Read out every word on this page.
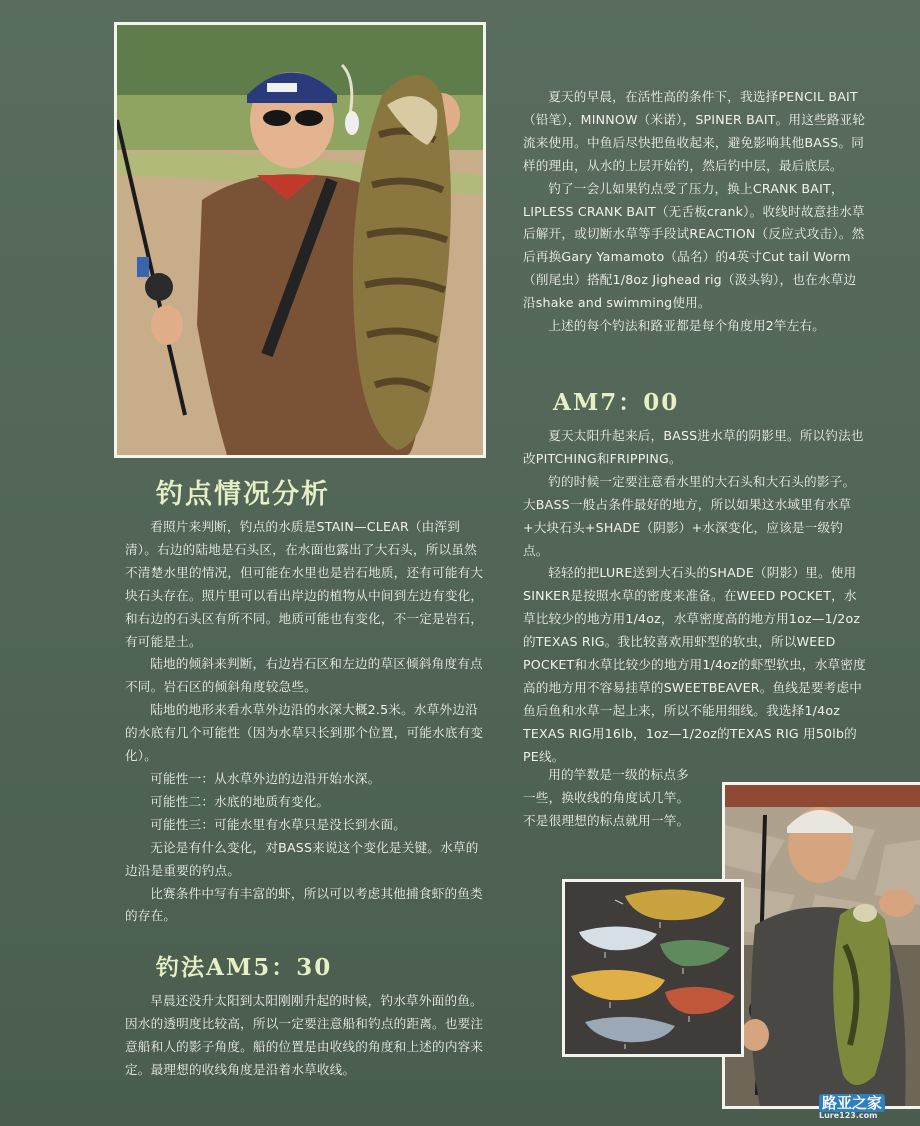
钓点情况分析
钓法AM5：30
AM7：00

看照片来判断，钓点的水质是STAIN—CLEAR（由浑到清）。右边的陆地是石头区，在水面也露出了大石头，所以虽然不清楚水里的情况，但可能在水里也是岩石地质，还有可能有大块石头存在。照片里可以看出岸边的植物从中间到左边有变化，和右边的石头区有所不同。地质可能也有变化，不一定是岩石，有可能是土。

陆地的倾斜来判断，右边岩石区和左边的草区倾斜角度有点不同。岩石区的倾斜角度较急些。

陆地的地形来看水草外边沿的水深大概2.5米。水草外边沿的水底有几个可能性（因为水草只长到那个位置，可能水底有变化）。

可能性一：从水草外边的边沿开始水深。

可能性二：水底的地质有变化。

可能性三：可能水里有水草只是没长到水面。

无论是有什么变化，对BASS来说这个变化是关键。水草的边沿是重要的钓点。

比赛条件中写有丰富的虾，所以可以考虑其他捕食虾的鱼类的存在。

早晨还没升太阳到太阳刚刚升起的时候，钓水草外面的鱼。因水的透明度比较高，所以一定要注意船和钓点的距离。也要注意船和人的影子角度。船的位置是由收线的角度和上述的内容来定。最理想的收线角度是沿着水草收线。

夏天的早晨，在活性高的条件下，我选择PENCIL BAIT（铅笔），MINNOW（米诺），SPINER BAIT。用这些路亚轮流来使用。中鱼后尽快把鱼收起来，避免影响其他BASS。同样的理由，从水的上层开始钓，然后钓中层，最后底层。

钓了一会儿如果钓点受了压力，换上CRANK BAIT，LIPLESS CRANK BAIT（无舌板crank）。收线时故意挂水草后解开，或切断水草等手段试REACTION（反应式攻击）。然后再换Gary Yamamoto（品名）的4英寸Cut tail Worm（削尾虫）搭配1/8oz Jighead rig（汲头钩），也在水草边沿shake and swimming使用。

上述的每个钓法和路亚都是每个角度用2竿左右。

夏天太阳升起来后，BASS进水草的阴影里。所以钓法也改PITCHING和FRIPPING。

钓的时候一定要注意看水里的大石头和大石头的影子。大BASS一般占条件最好的地方，所以如果这水域里有水草+大块石头+SHADE（阴影）+水深变化，应该是一级钓点。

轻轻的把LURE送到大石头的SHADE（阴影）里。使用SINKER是按照水草的密度来准备。在WEED POCKET，水草比较少的地方用1/4oz，水草密度高的地方用1oz—1/2oz的TEXAS RIG。我比较喜欢用虾型的软虫，所以WEED POCKET和水草比较少的地方用1/4oz的虾型软虫，水草密度高的地方用不容易挂草的SWEETBEAVER。鱼线是要考虑中鱼后鱼和水草一起上来，所以不能用细线。我选择1/4oz TEXAS RIG用16lb，1oz—1/2oz的TEXAS RIG 用50lb的PE线。

用的竿数是一级的标点多

一些，换收线的角度试几竿。

不是很理想的标点就用一竿。

路亚之家
Lure123.com
